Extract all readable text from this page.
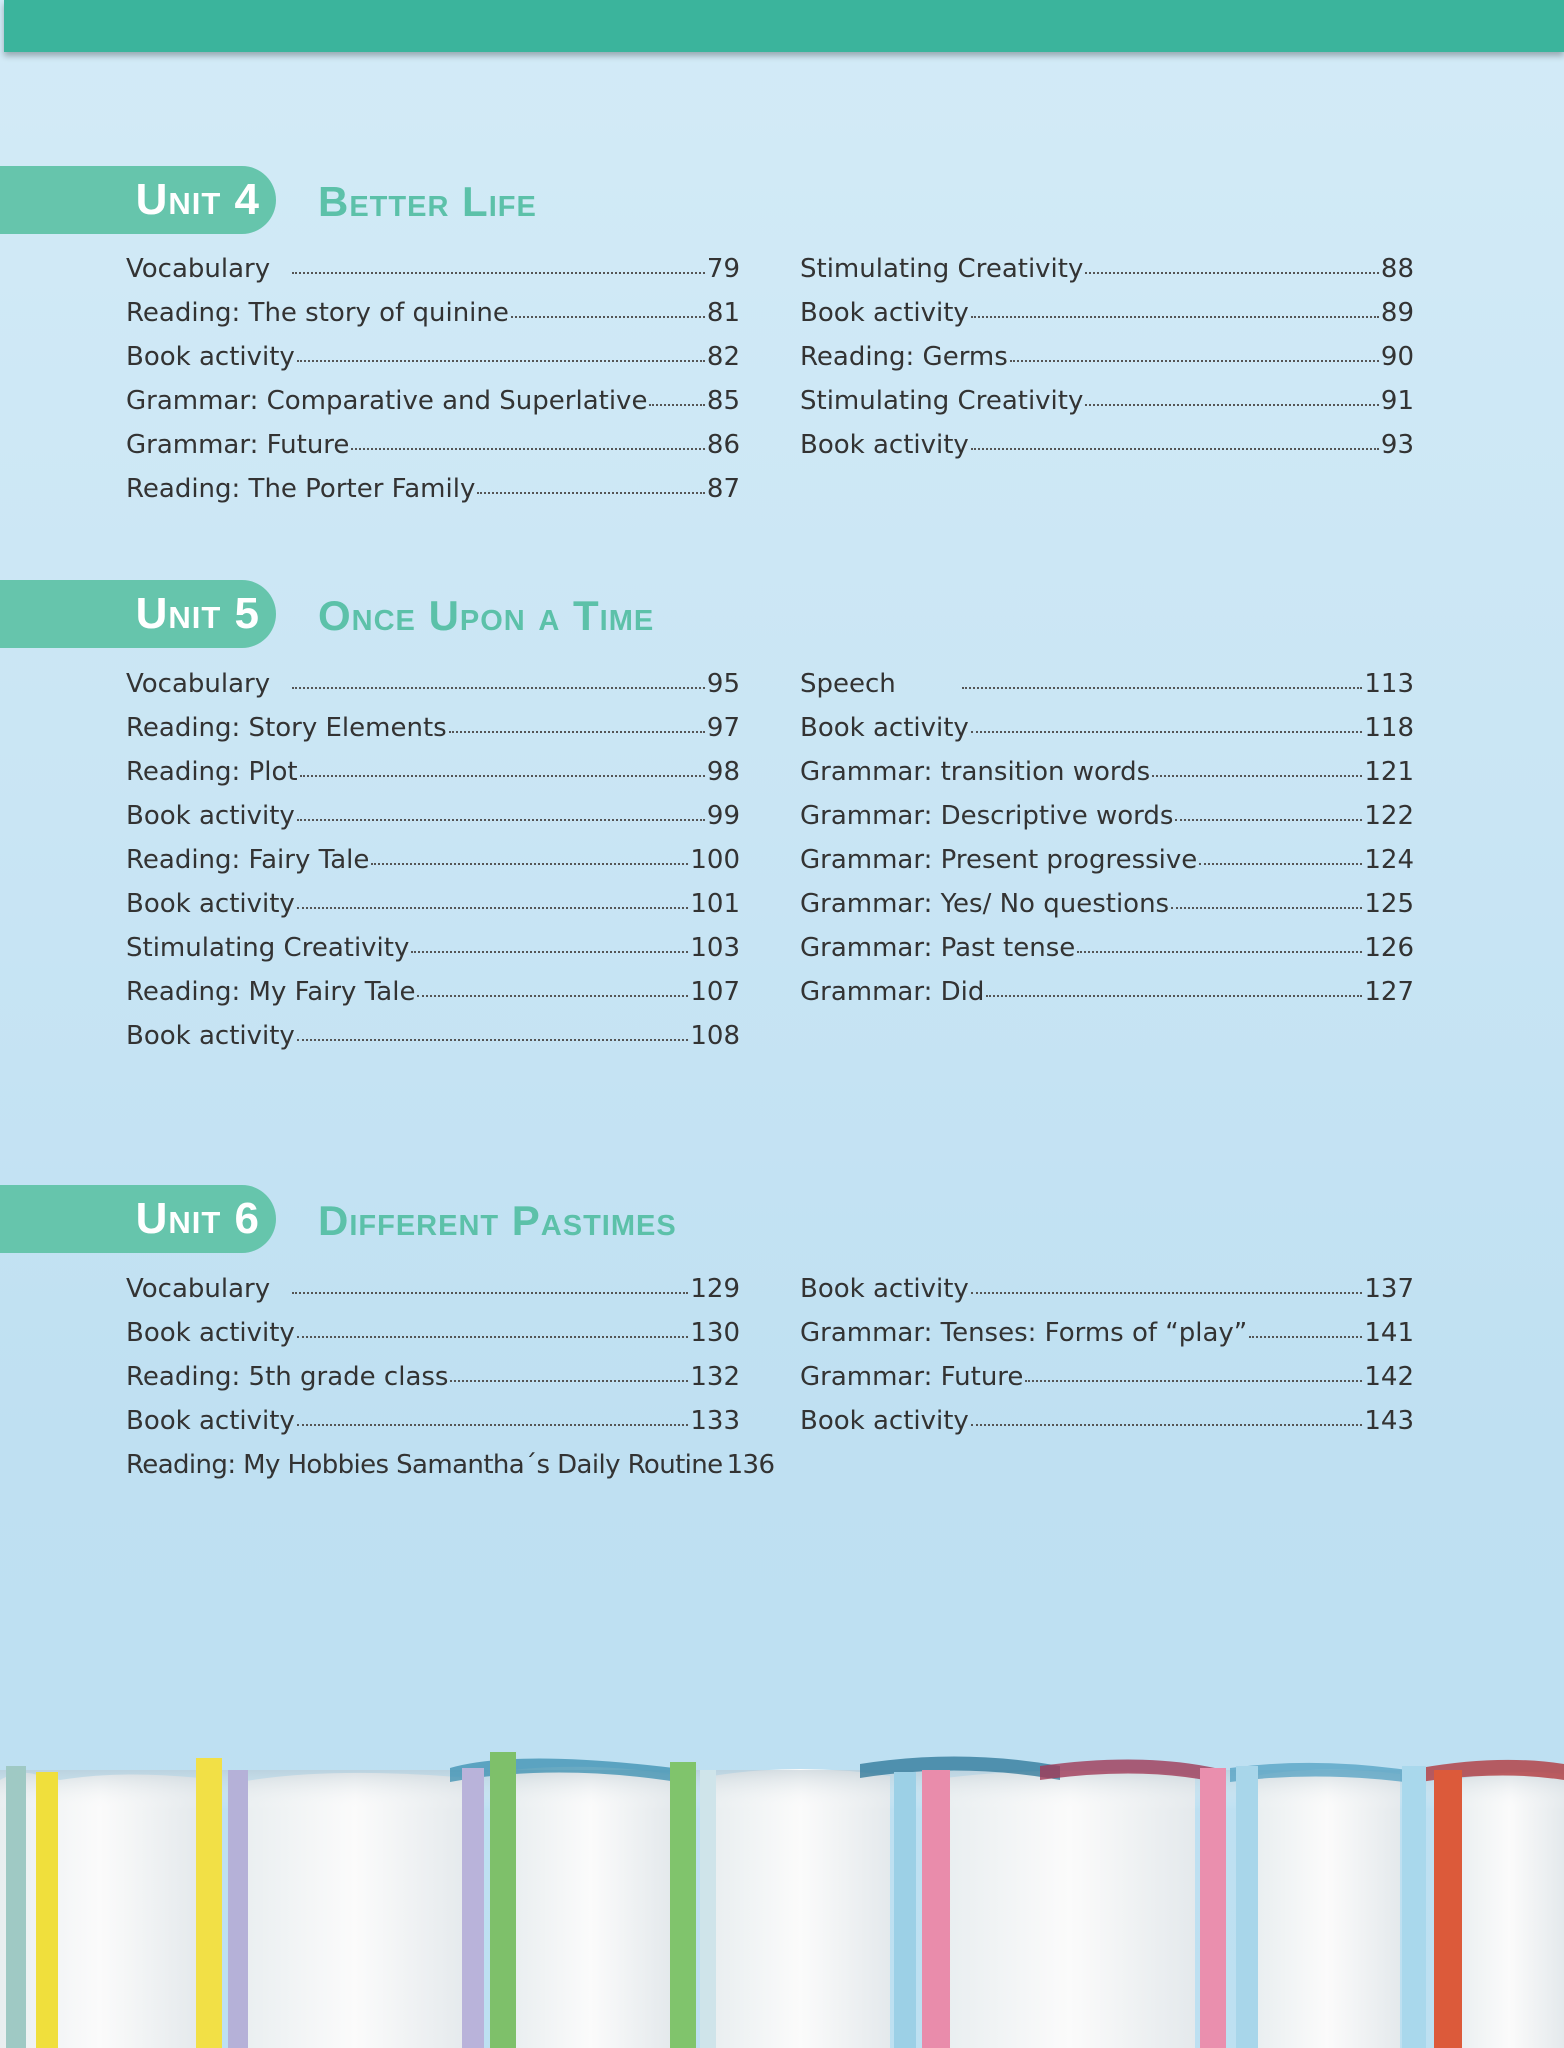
Unit 4 Better Life
Vocabulary	79
Reading: The story of quinine	81
Book activity	82
Grammar: Comparative and Superlative 85
Grammar: Future	86
Reading: The Porter Family	87
Stimulating Creativity	88
Book activity	89
Reading: Germs	90
Stimulating Creativity	91
Book activity	93
Unit 5 Once Upon a Time
Vocabulary	95
Reading: Story Elements	97
Reading: Plot	98
Book activity	99
Reading: Fairy Tale	100
Book activity	101
Stimulating Creativity	103
Reading: My Fairy Tale	107
Book activity	108
Speech	113
Book activity	118
Grammar: transition words	121
Grammar: Descriptive words	122
Grammar: Present progressive	124
Grammar: Yes/ No questions	125
Grammar: Past tense	126
Grammar: Did	127
Unit 6 Different Pastimes
Vocabulary	129
Book activity	130
Reading: 5th grade class	132
Book activity	133
Reading: My Hobbies Samantha´s Daily Routine 136
Book activity	137
Grammar: Tenses: Forms of “play”	141
Grammar: Future	142
Book activity	143
